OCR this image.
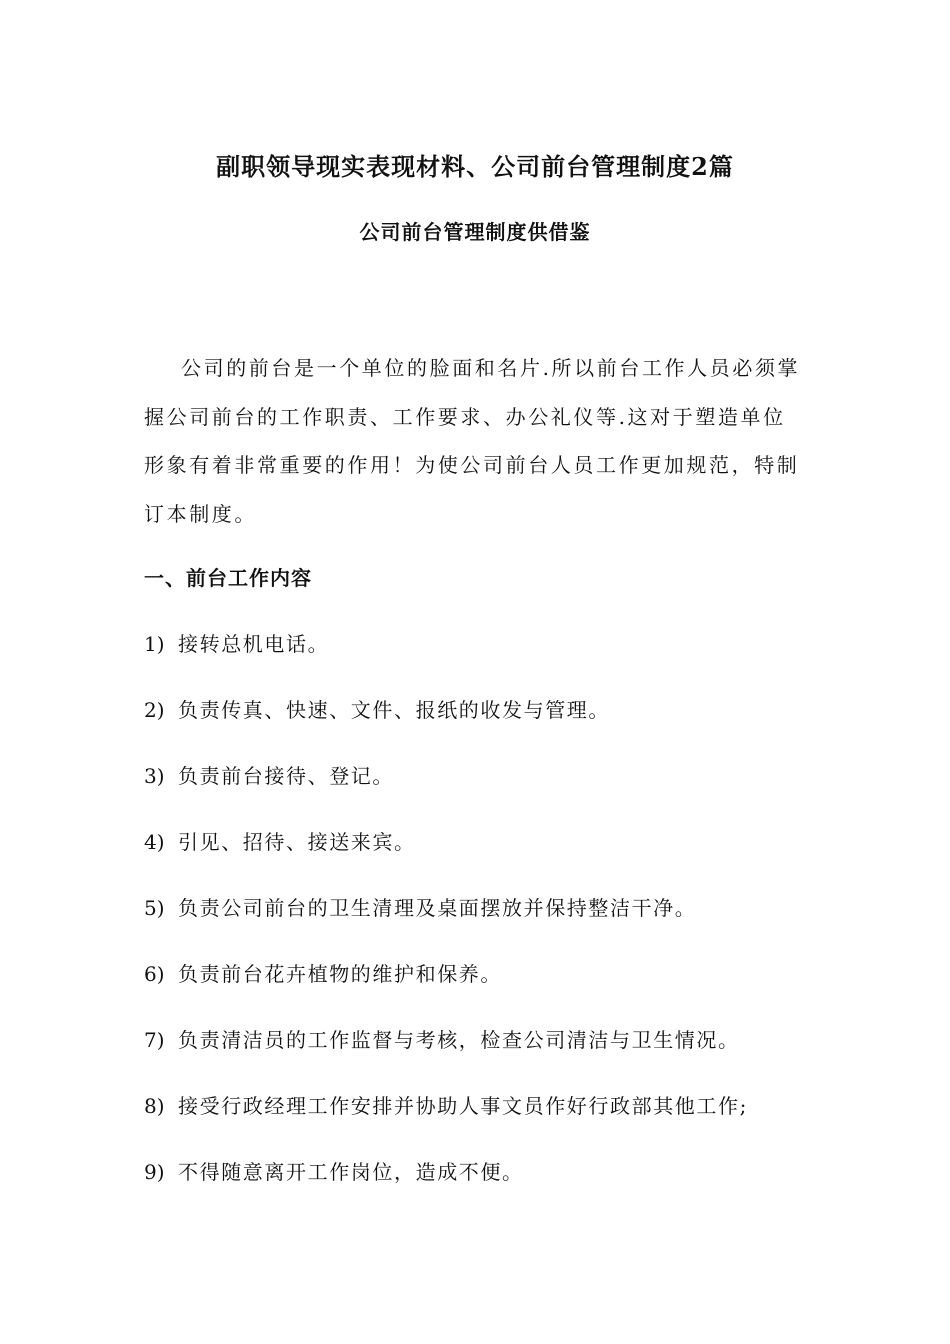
副职领导现实表现材料、公司前台管理制度2篇
公司前台管理制度供借鉴

公司的前台是一个单位的脸面和名片.所以前台工作人员必须掌握公司前台的工作职责、工作要求、办公礼仪等.这对于塑造单位形象有着非常重要的作用！为使公司前台人员工作更加规范，特制订本制度。

一、前台工作内容
1) 接转总机电话。
2) 负责传真、快速、文件、报纸的收发与管理。
3) 负责前台接待、登记。
4) 引见、招待、接送来宾。
5) 负责公司前台的卫生清理及桌面摆放并保持整洁干净。
6) 负责前台花卉植物的维护和保养。
7) 负责清洁员的工作监督与考核，检查公司清洁与卫生情况。
8) 接受行政经理工作安排并协助人事文员作好行政部其他工作;
9) 不得随意离开工作岗位，造成不便。
